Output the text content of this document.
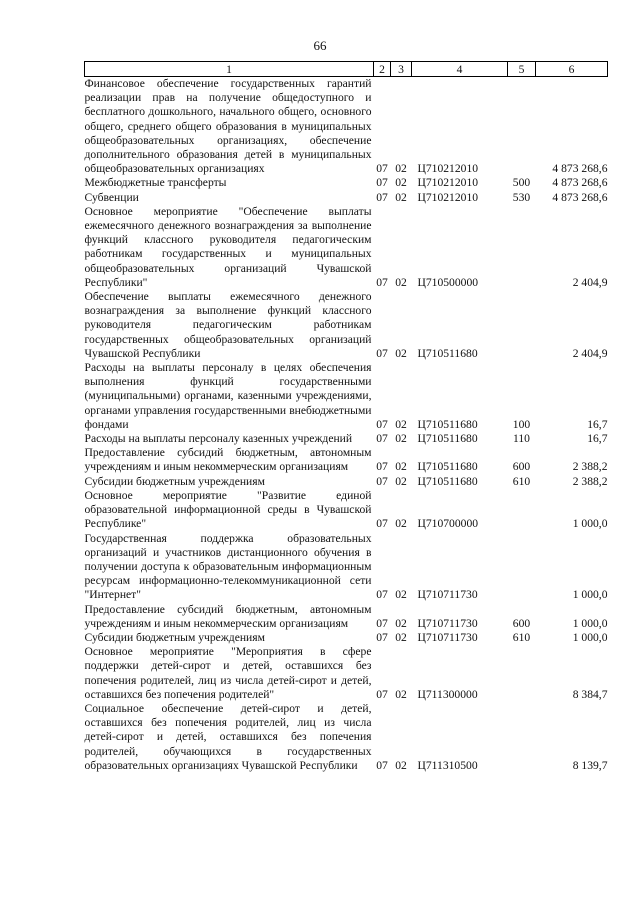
66
1	2	3	4	5	6
Финансовое обеспечение государственных гарантий реализации прав на получение общедоступного и бесплатного дошкольного, начального общего, основного общего, среднего общего образования в муниципальных общеобразовательных организациях, обеспечение дополнительного образования детей в муниципальных общеобразовательных организациях	07	02	Ц710212010		4 873 268,6
Межбюджетные трансферты	07	02	Ц710212010	500	4 873 268,6
Субвенции	07	02	Ц710212010	530	4 873 268,6
Основное мероприятие "Обеспечение выплаты ежемесячного денежного вознаграждения за выполнение функций классного руководителя педагогическим работникам государственных и муниципальных общеобразовательных организаций Чувашской Республики"	07	02	Ц710500000		2 404,9
Обеспечение выплаты ежемесячного денежного вознаграждения за выполнение функций классного руководителя педагогическим работникам государственных общеобразовательных организаций Чувашской Республики	07	02	Ц710511680		2 404,9
Расходы на выплаты персоналу в целях обеспечения выполнения функций государственными (муниципальными) органами, казенными учреждениями, органами управления государственными внебюджетными фондами	07	02	Ц710511680	100	16,7
Расходы на выплаты персоналу казенных учреждений	07	02	Ц710511680	110	16,7
Предоставление субсидий бюджетным, автономным учреждениям и иным некоммерческим организациям	07	02	Ц710511680	600	2 388,2
Субсидии бюджетным учреждениям	07	02	Ц710511680	610	2 388,2
Основное мероприятие "Развитие единой образовательной информационной среды в Чувашской Республике"	07	02	Ц710700000		1 000,0
Государственная поддержка образовательных организаций и участников дистанционного обучения в получении доступа к образовательным информационным ресурсам информационно-телекоммуникационной сети "Интернет"	07	02	Ц710711730		1 000,0
Предоставление субсидий бюджетным, автономным учреждениям и иным некоммерческим организациям	07	02	Ц710711730	600	1 000,0
Субсидии бюджетным учреждениям	07	02	Ц710711730	610	1 000,0
Основное мероприятие "Мероприятия в сфере поддержки детей-сирот и детей, оставшихся без попечения родителей, лиц из числа детей-сирот и детей, оставшихся без попечения родителей"	07	02	Ц711300000		8 384,7
Социальное обеспечение детей-сирот и детей, оставшихся без попечения родителей, лиц из числа детей-сирот и детей, оставшихся без попечения родителей, обучающихся в государственных образовательных организациях Чувашской Республики	07	02	Ц711310500		8 139,7
